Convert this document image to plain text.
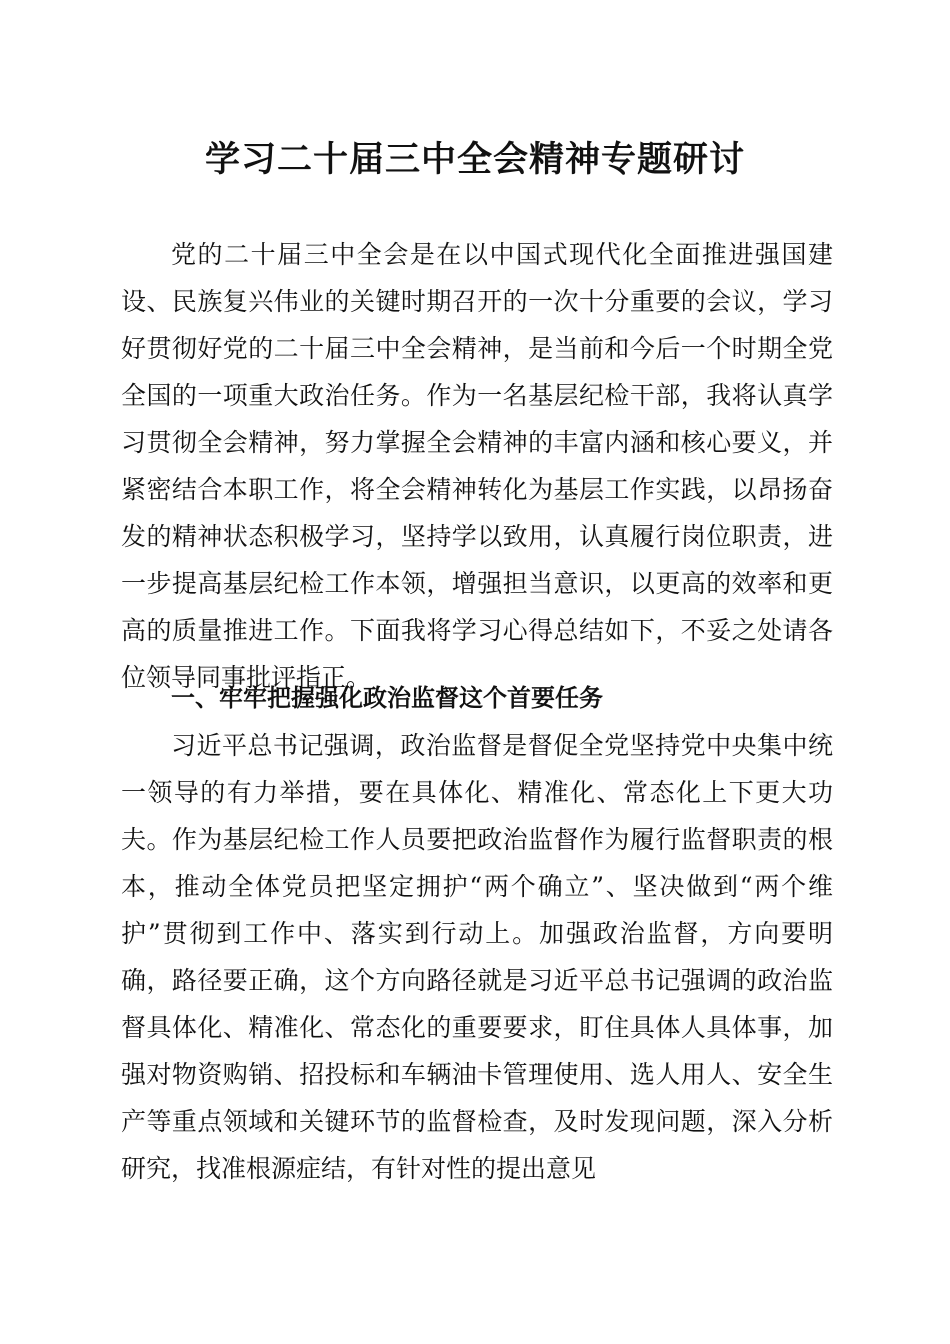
学习二十届三中全会精神专题研讨

党的二十届三中全会是在以中国式现代化全面推进强国建设、民族复兴伟业的关键时期召开的一次十分重要的会议，学习好贯彻好党的二十届三中全会精神，是当前和今后一个时期全党全国的一项重大政治任务。作为一名基层纪检干部，我将认真学习贯彻全会精神，努力掌握全会精神的丰富内涵和核心要义，并紧密结合本职工作，将全会精神转化为基层工作实践，以昂扬奋发的精神状态积极学习，坚持学以致用，认真履行岗位职责，进一步提高基层纪检工作本领，增强担当意识，以更高的效率和更高的质量推进工作。下面我将学习心得总结如下，不妥之处请各位领导同事批评指正。

一、牢牢把握强化政治监督这个首要任务

习近平总书记强调，政治监督是督促全党坚持党中央集中统一领导的有力举措，要在具体化、精准化、常态化上下更大功夫。作为基层纪检工作人员要把政治监督作为履行监督职责的根本，推动全体党员把坚定拥护“两个确立”、坚决做到“两个维护”贯彻到工作中、落实到行动上。加强政治监督，方向要明确，路径要正确，这个方向路径就是习近平总书记强调的政治监督具体化、精准化、常态化的重要要求，盯住具体人具体事，加强对物资购销、招投标和车辆油卡管理使用、选人用人、安全生产等重点领域和关键环节的监督检查，及时发现问题，深入分析研究，找准根源症结，有针对性的提出意见
